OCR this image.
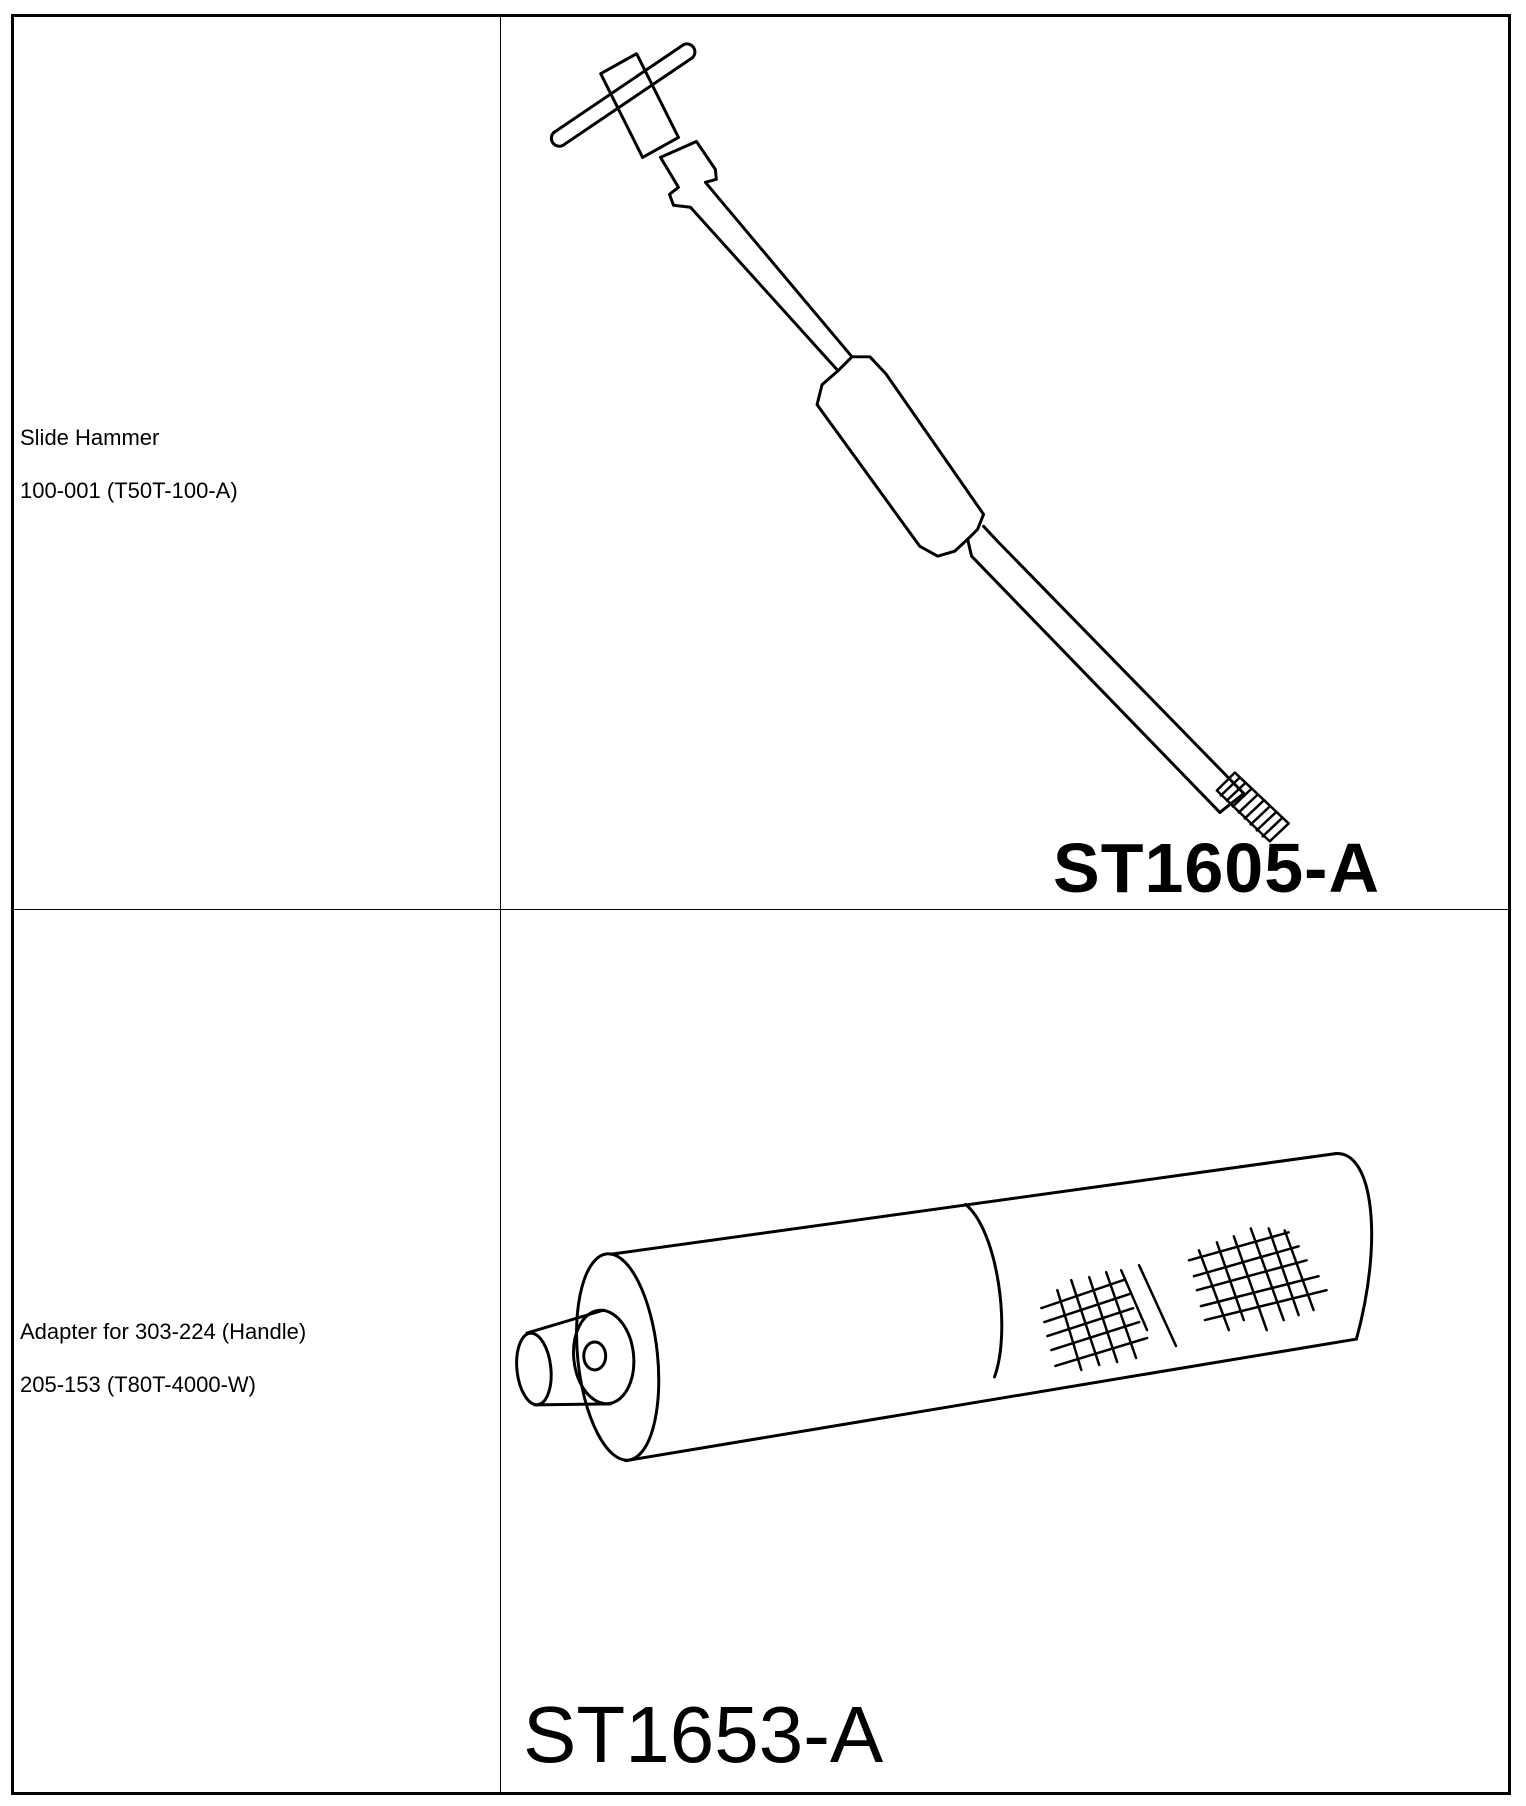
Slide Hammer

100-001 (T50T-100-A)

ST1605-A

Adapter for 303-224 (Handle)

205-153 (T80T-4000-W)

ST1653-A
